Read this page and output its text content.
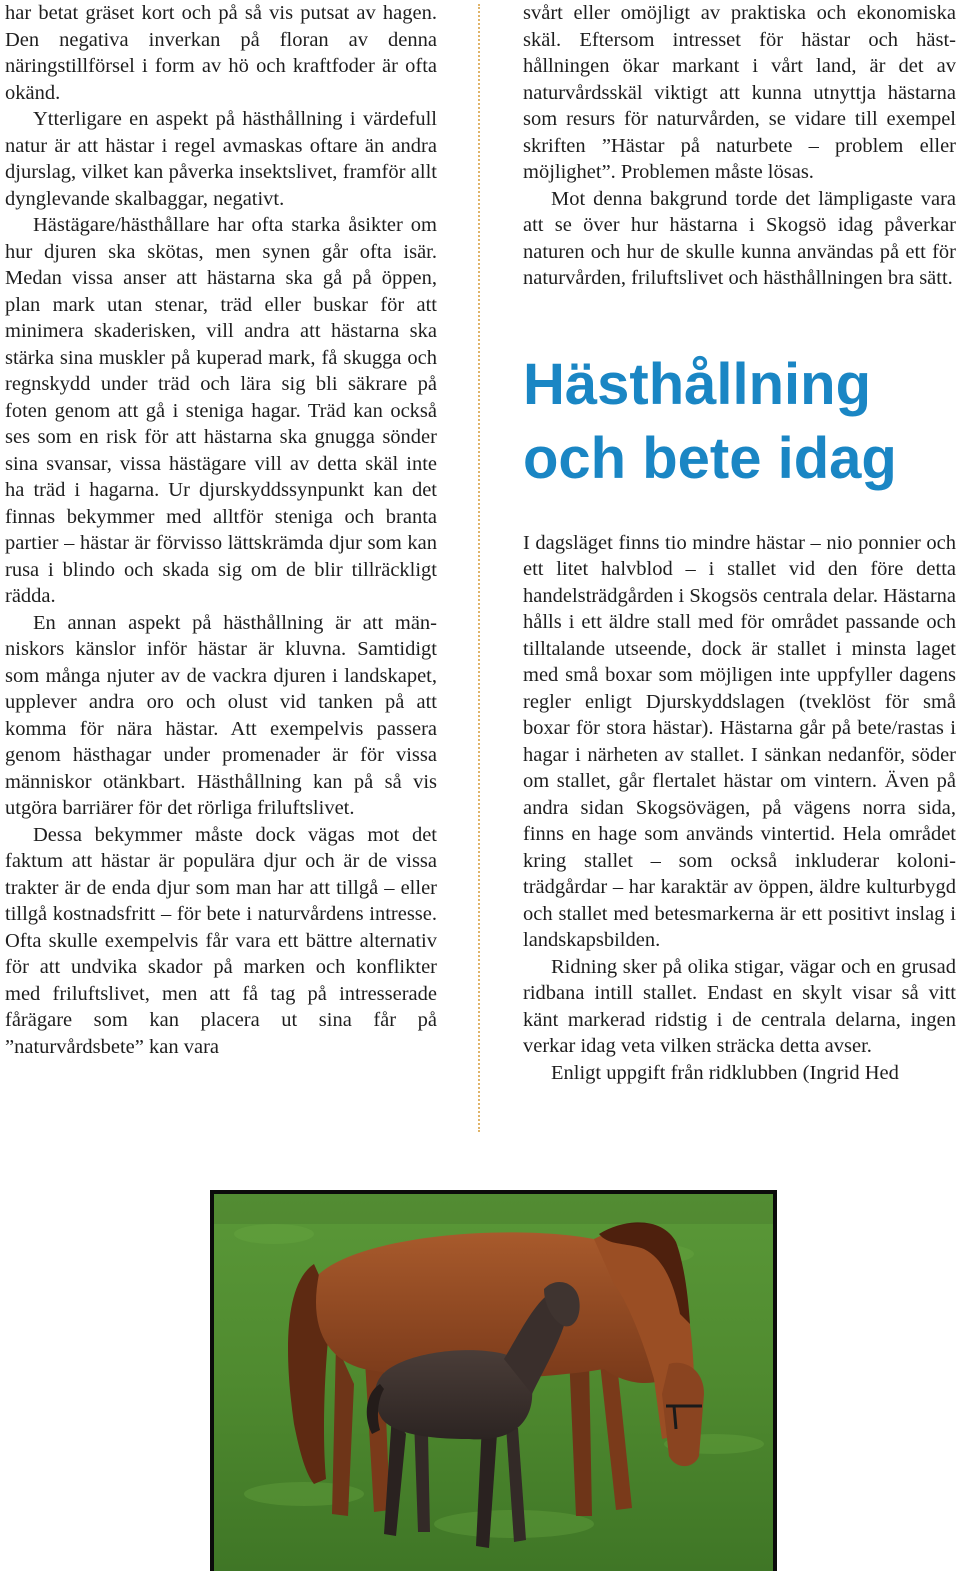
har betat gräset kort och på så vis putsat av hagen. Den negativa inverkan på floran av denna näringstillförsel i form av hö och kraftfoder är ofta okänd.

Ytterligare en aspekt på hästhållning i värdefull natur är att hästar i regel avmaskas oftare än andra djurslag, vilket kan påverka insektslivet, framför allt dynglevande skalbaggar, negativt.

Hästägare/hästhållare har ofta starka åsikter om hur djuren ska skötas, men synen går ofta isär. Medan vissa anser att hästarna ska gå på öppen, plan mark utan stenar, träd eller buskar för att minimera skaderisken, vill andra att hästarna ska stärka sina muskler på kuperad mark, få skugga och regnskydd under träd och lära sig bli säkrare på foten genom att gå i steniga hagar. Träd kan också ses som en risk för att hästarna ska gnugga sönder sina svansar, vissa hästägare vill av detta skäl inte ha träd i hagarna. Ur djurskyddssynpunkt kan det finnas bekymmer med alltför steniga och branta partier – hästar är förvisso lättskrämda djur som kan rusa i blindo och skada sig om de blir tillräckligt rädda.

En annan aspekt på hästhållning är att människors känslor inför hästar är kluvna. Samtidigt som många njuter av de vackra djuren i landskapet, upplever andra oro och olust vid tanken på att komma för nära hästar. Att exempelvis passera genom hästhagar under promenader är för vissa människor otänkbart. Hästhållning kan på så vis utgöra barriärer för det rörliga friluftslivet.

Dessa bekymmer måste dock vägas mot det faktum att hästar är populära djur och är de vissa trakter är de enda djur som man har att tillgå – eller tillgå kostnadsfritt – för bete i naturvårdens intresse. Ofta skulle exempelvis får vara ett bättre alternativ för att undvika skador på marken och konflikter med friluftslivet, men att få tag på intresserade fårägare som kan placera ut sina får på ”naturvårdsbete” kan vara

svårt eller omöjligt av praktiska och ekonomiska skäl. Eftersom intresset för hästar och hästhållningen ökar markant i vårt land, är det av naturvårdsskäl viktigt att kunna utnyttja hästarna som resurs för naturvården, se vidare till exempel skriften ”Hästar på naturbete – problem eller möjlighet”. Problemen måste lösas.

Mot denna bakgrund torde det lämpligaste vara att se över hur hästarna i Skogsö idag påverkar naturen och hur de skulle kunna användas på ett för naturvården, friluftslivet och hästhållningen bra sätt.

Hästhållning
och bete idag

I dagsläget finns tio mindre hästar – nio ponnier och ett litet halvblod – i stallet vid den före detta handelsträdgården i Skogsös centrala delar. Hästarna hålls i ett äldre stall med för området passande och tilltalande utseende, dock är stallet i minsta laget med små boxar som möjligen inte uppfyller dagens regler enligt Djurskyddslagen (tveklöst för små boxar för stora hästar). Hästarna går på bete/rastas i hagar i närheten av stallet. I sänkan nedanför, söder om stallet, går flertalet hästar om vintern. Även på andra sidan Skogsövägen, på vägens norra sida, finns en hage som används vintertid. Hela området kring stallet – som också inkluderar koloniträdgårdar – har karaktär av öppen, äldre kulturbygd och stallet med betesmarkerna är ett positivt inslag i landskapsbilden.

Ridning sker på olika stigar, vägar och en grusad ridbana intill stallet. Endast en skylt visar så vitt känt markerad ridstig i de centrala delarna, ingen verkar idag veta vilken sträcka detta avser.

Enligt uppgift från ridklubben (Ingrid Hed
